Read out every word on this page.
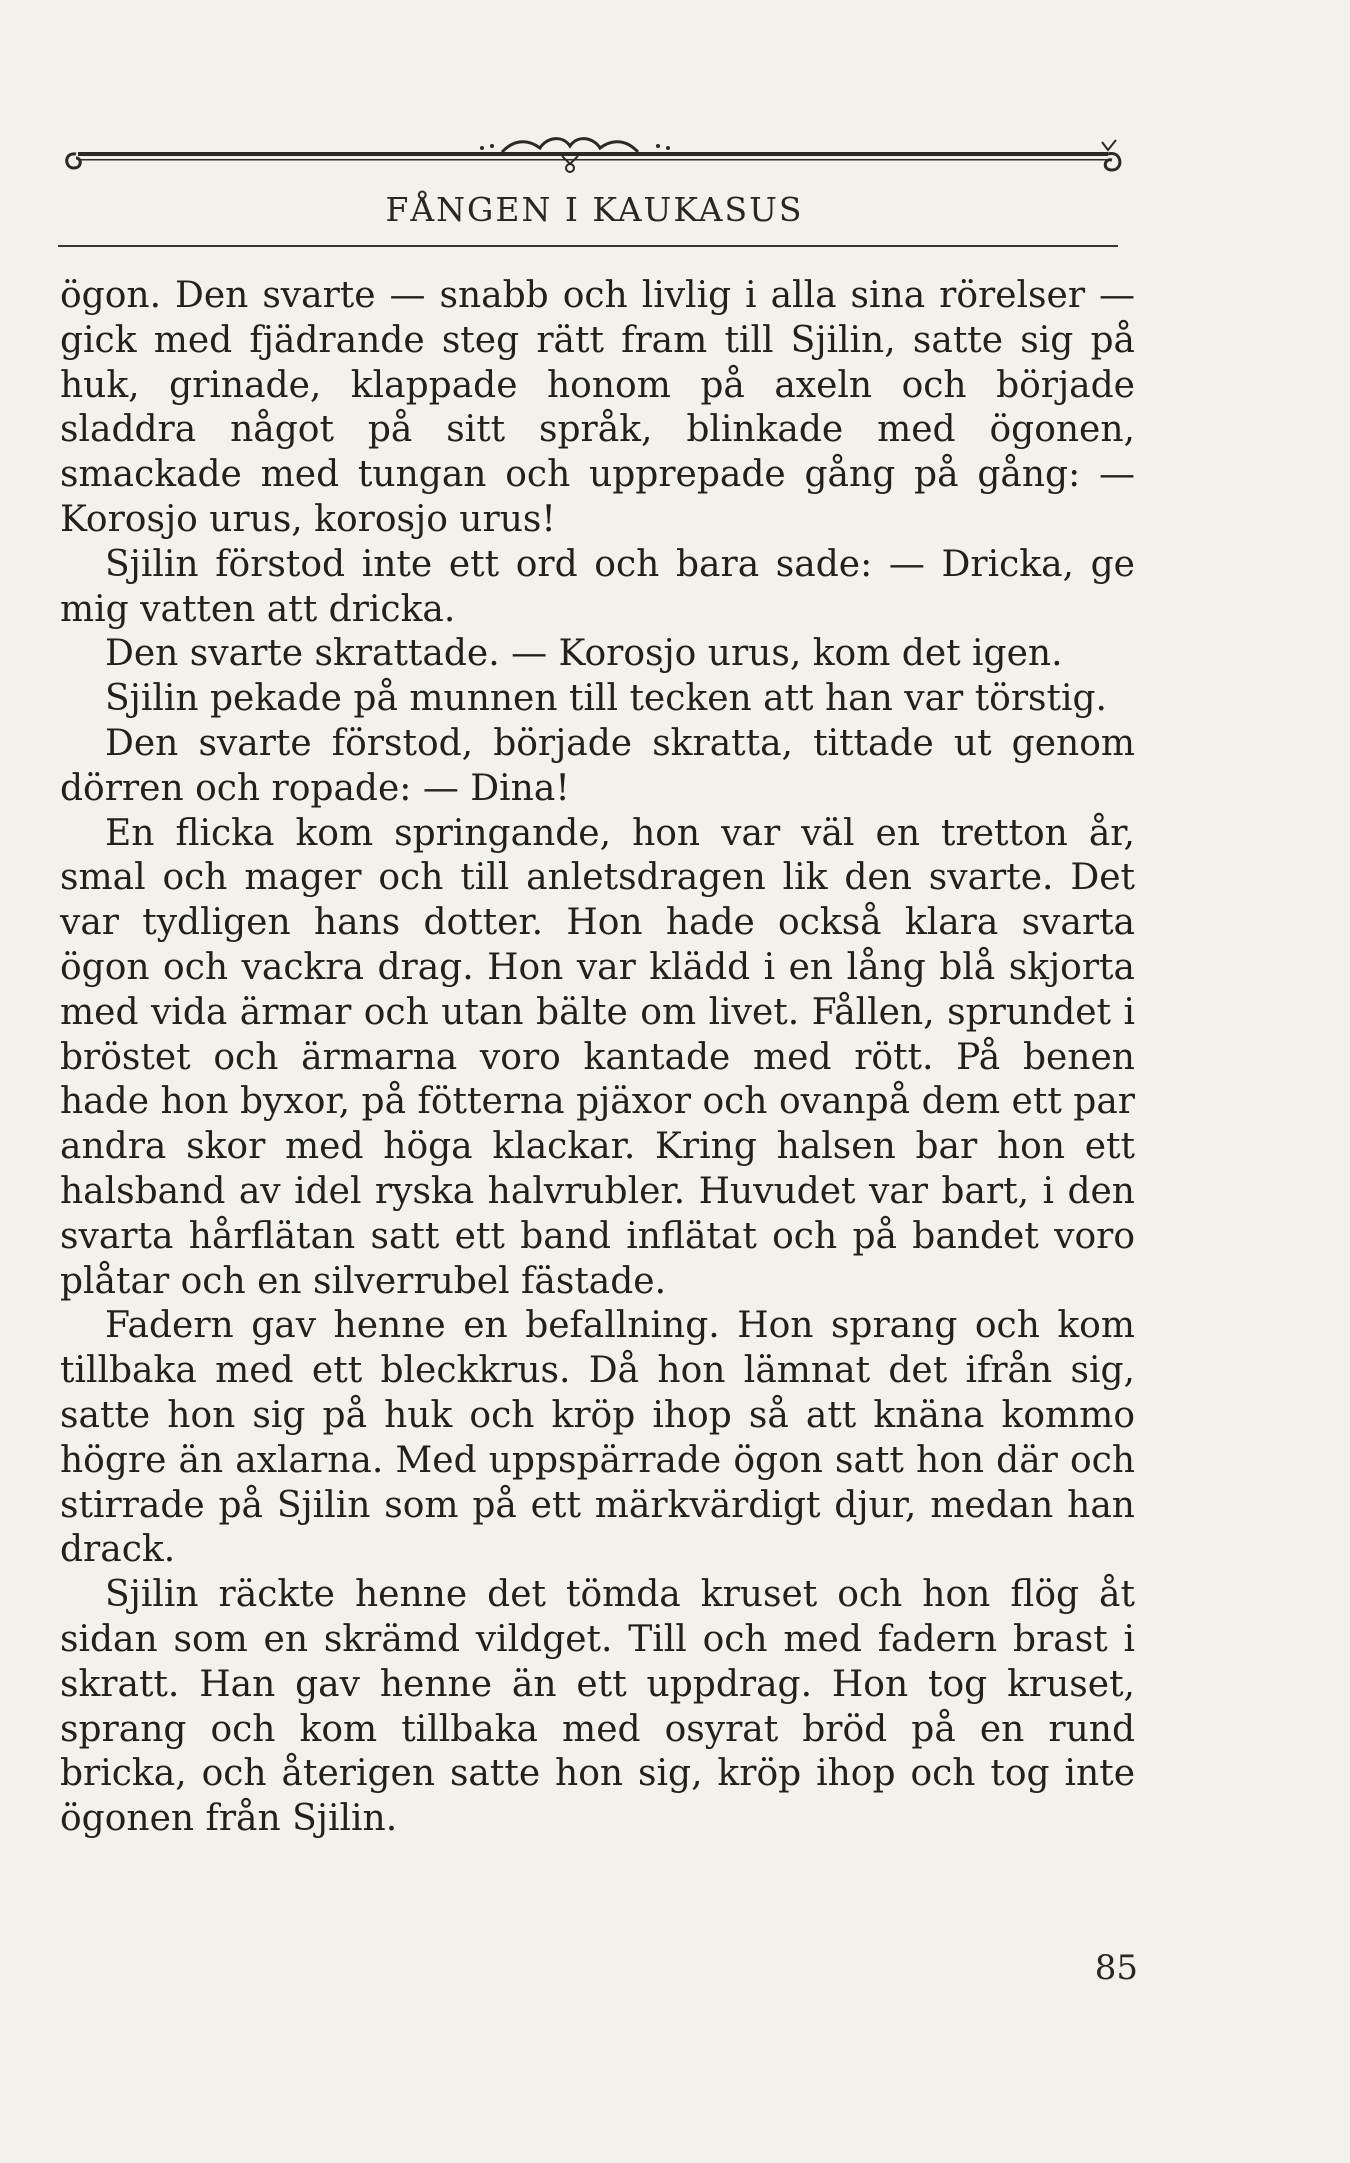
FÅNGEN I KAUKASUS

ögon. Den svarte — snabb och livlig i alla sina rörelser — gick med fjädrande steg rätt fram till Sjilin, satte sig på huk, grinade, klappade honom på axeln och började sladdra något på sitt språk, blinkade med ögonen, smackade med tungan och upprepade gång på gång: — Korosjo urus, korosjo urus!

Sjilin förstod inte ett ord och bara sade: — Dricka, ge mig vatten att dricka.

Den svarte skrattade. — Korosjo urus, kom det igen.

Sjilin pekade på munnen till tecken att han var törstig.

Den svarte förstod, började skratta, tittade ut genom dörren och ropade: — Dina!

En flicka kom springande, hon var väl en tretton år, smal och mager och till anletsdragen lik den svarte. Det var tydligen hans dotter. Hon hade också klara svarta ögon och vackra drag. Hon var klädd i en lång blå skjorta med vida ärmar och utan bälte om livet. Fållen, sprundet i bröstet och ärmarna voro kantade med rött. På benen hade hon byxor, på fötterna pjäxor och ovanpå dem ett par andra skor med höga klackar. Kring halsen bar hon ett halsband av idel ryska halvrubler. Huvudet var bart, i den svarta hårflätan satt ett band inflätat och på bandet voro plåtar och en silverrubel fästade.

Fadern gav henne en befallning. Hon sprang och kom tillbaka med ett bleckkrus. Då hon lämnat det ifrån sig, satte hon sig på huk och kröp ihop så att knäna kommo högre än axlarna. Med uppspärrade ögon satt hon där och stirrade på Sjilin som på ett märkvärdigt djur, medan han drack.

Sjilin räckte henne det tömda kruset och hon flög åt sidan som en skrämd vildget. Till och med fadern brast i skratt. Han gav henne än ett uppdrag. Hon tog kruset, sprang och kom tillbaka med osyrat bröd på en rund bricka, och återigen satte hon sig, kröp ihop och tog inte ögonen från Sjilin.

85
